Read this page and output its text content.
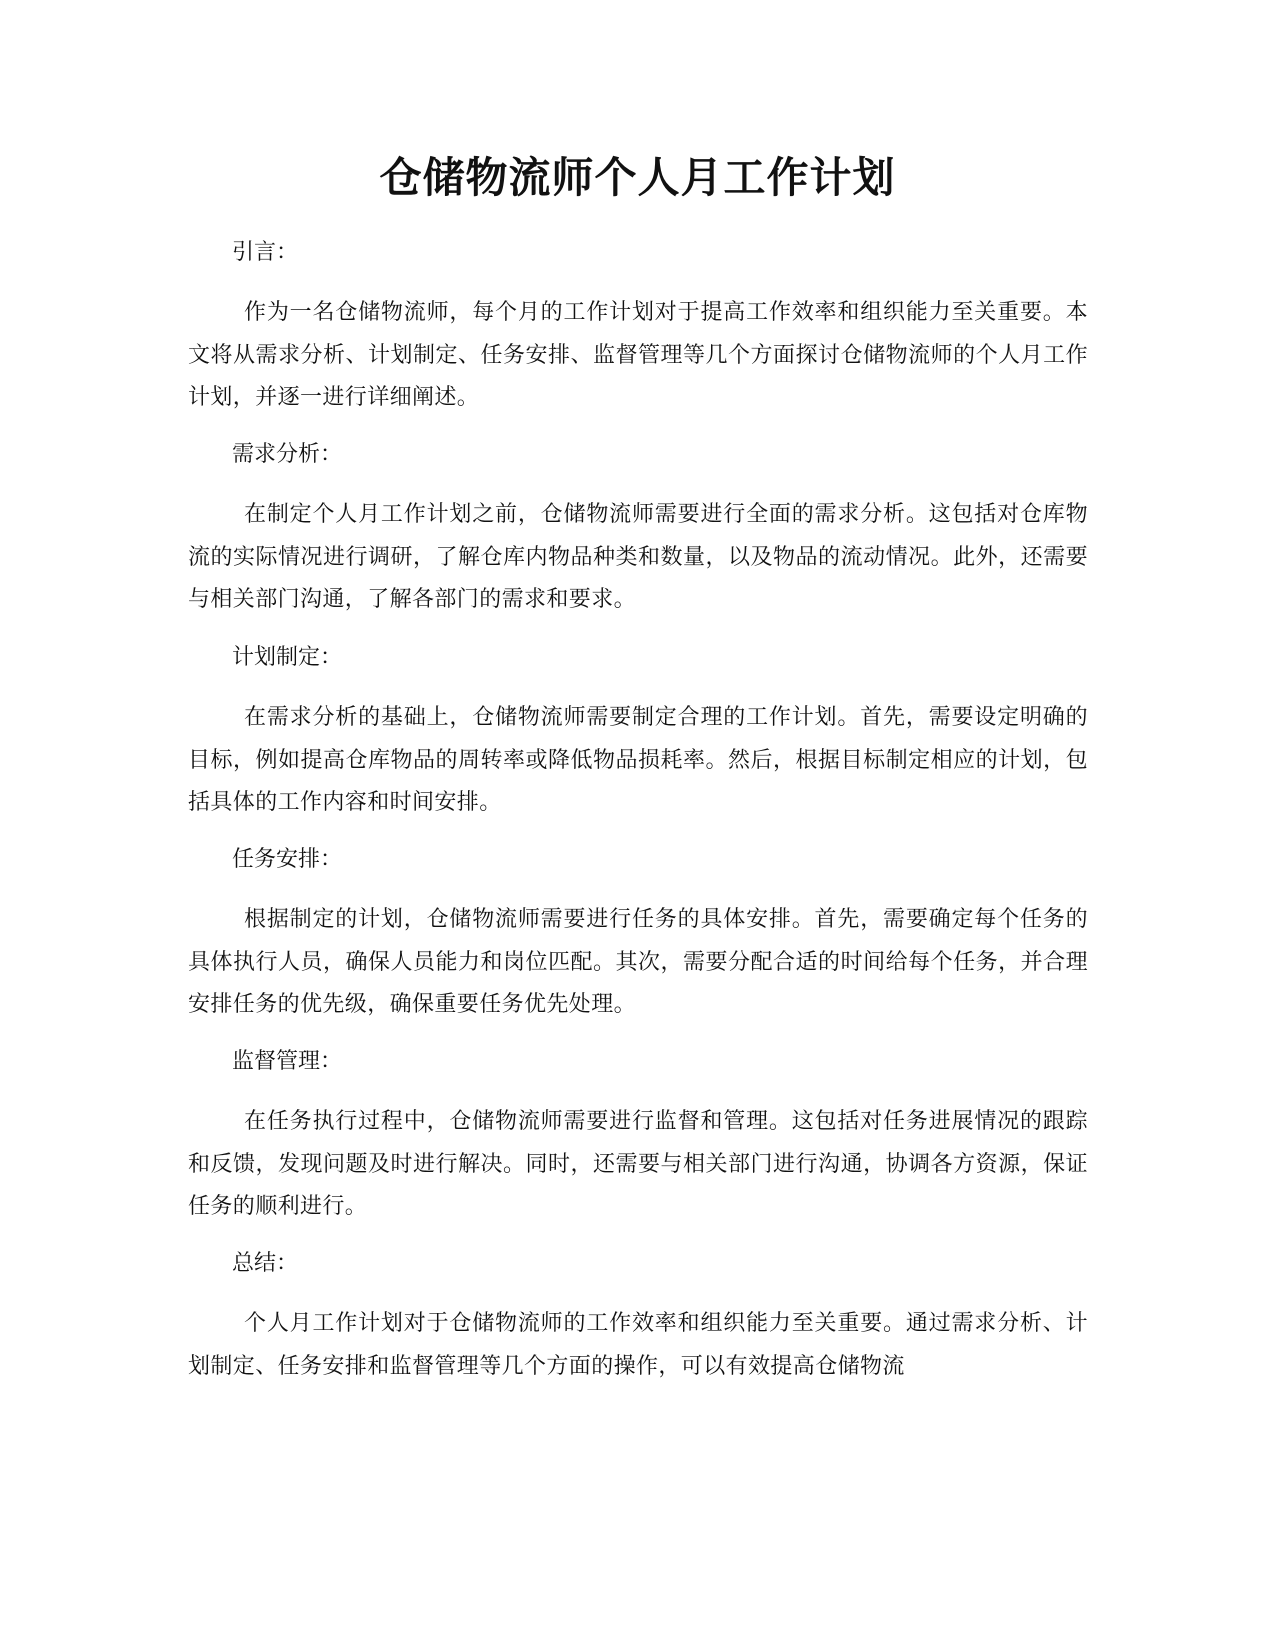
仓储物流师个人月工作计划

引言：

作为一名仓储物流师，每个月的工作计划对于提高工作效率和组织能力至关重要。本文将从需求分析、计划制定、任务安排、监督管理等几个方面探讨仓储物流师的个人月工作计划，并逐一进行详细阐述。

需求分析：

在制定个人月工作计划之前，仓储物流师需要进行全面的需求分析。这包括对仓库物流的实际情况进行调研，了解仓库内物品种类和数量，以及物品的流动情况。此外，还需要与相关部门沟通，了解各部门的需求和要求。

计划制定：

在需求分析的基础上，仓储物流师需要制定合理的工作计划。首先，需要设定明确的目标，例如提高仓库物品的周转率或降低物品损耗率。然后，根据目标制定相应的计划，包括具体的工作内容和时间安排。

任务安排：

根据制定的计划，仓储物流师需要进行任务的具体安排。首先，需要确定每个任务的具体执行人员，确保人员能力和岗位匹配。其次，需要分配合适的时间给每个任务，并合理安排任务的优先级，确保重要任务优先处理。

监督管理：

在任务执行过程中，仓储物流师需要进行监督和管理。这包括对任务进展情况的跟踪和反馈，发现问题及时进行解决。同时，还需要与相关部门进行沟通，协调各方资源，保证任务的顺利进行。

总结：

个人月工作计划对于仓储物流师的工作效率和组织能力至关重要。通过需求分析、计划制定、任务安排和监督管理等几个方面的操作，可以有效提高仓储物流
